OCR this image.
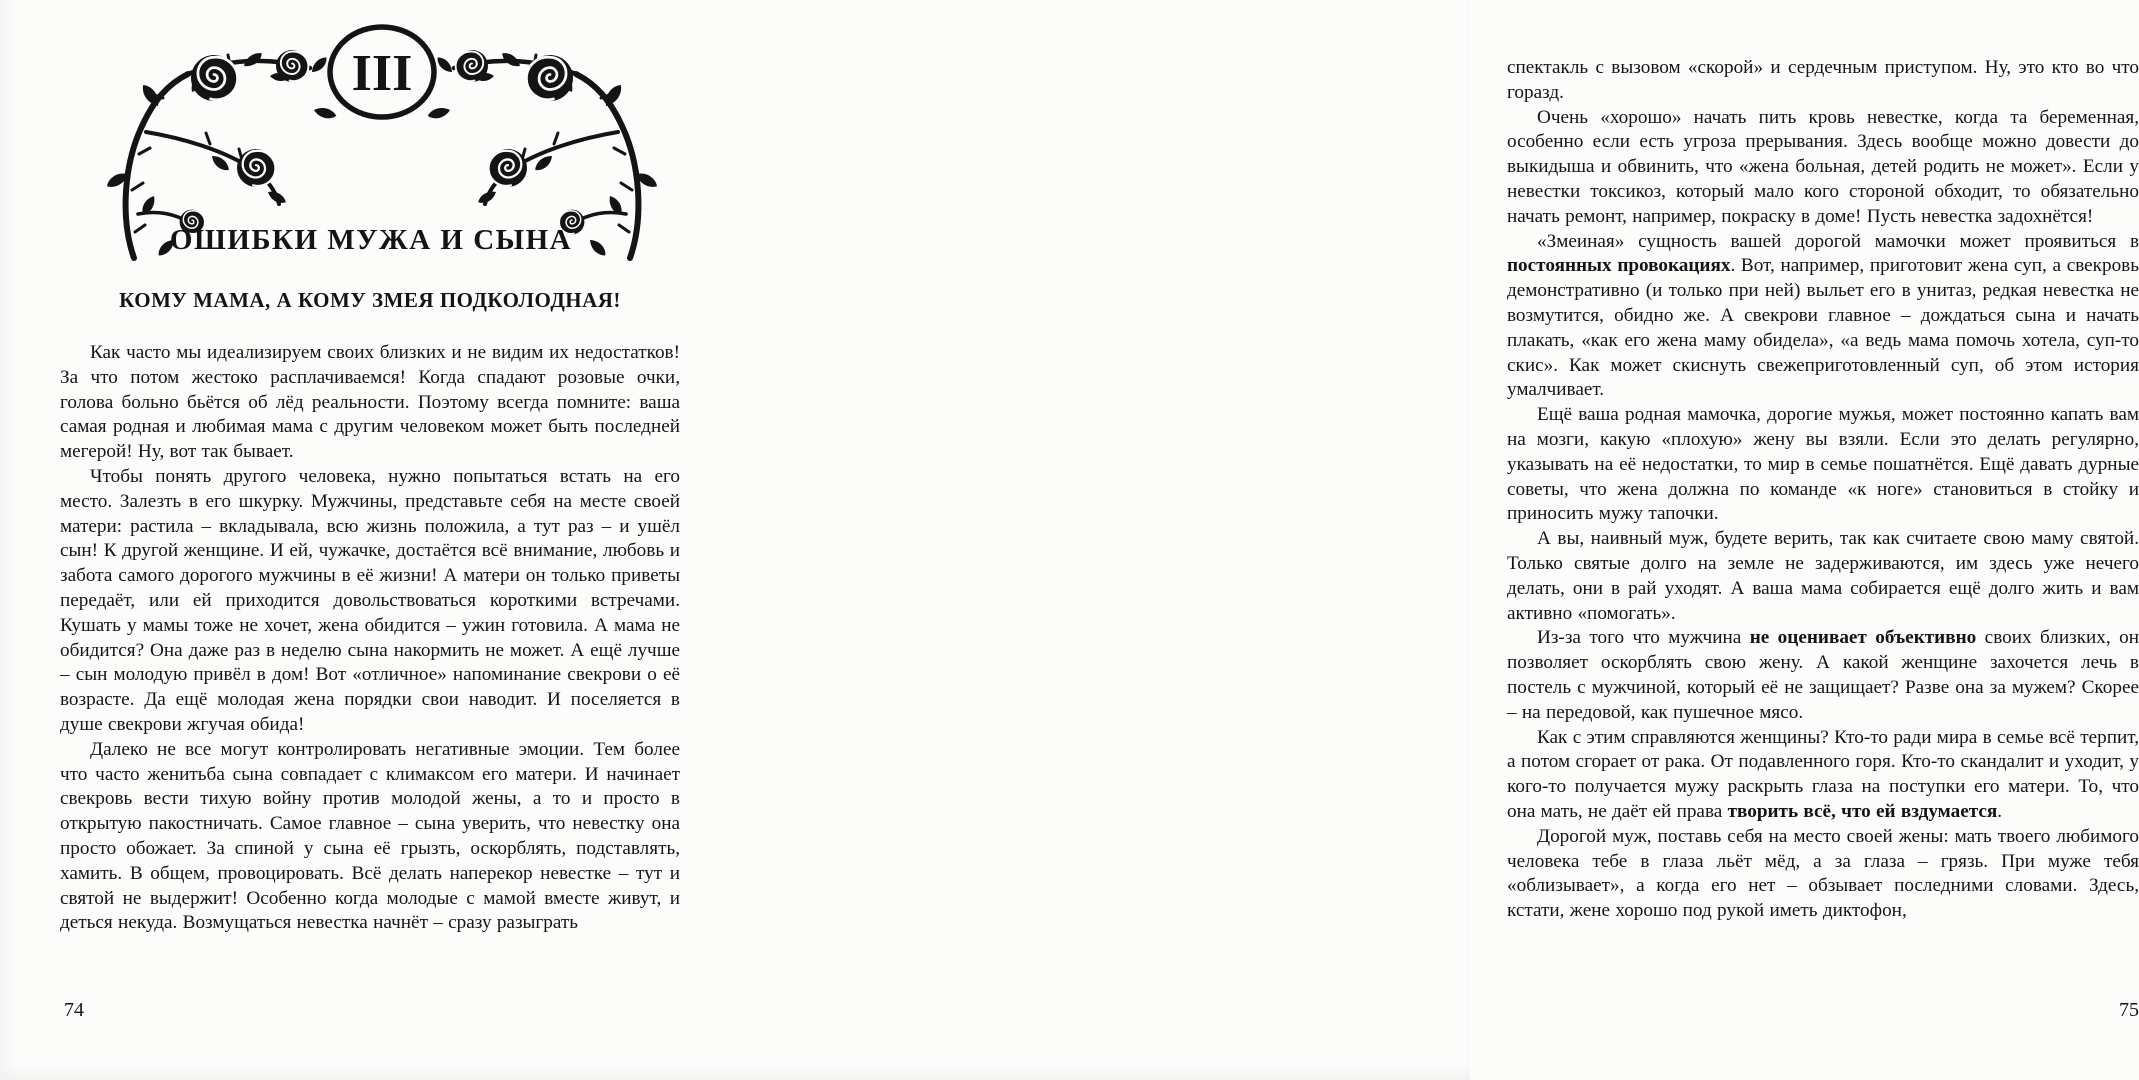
III
ОШИБКИ МУЖА И СЫНА
КОМУ МАМА, А КОМУ ЗМЕЯ ПОДКОЛОДНАЯ!

Как часто мы идеализируем своих близких и не видим их недостатков! За что потом жестоко расплачиваемся! Когда спадают розовые очки, голова больно бьётся об лёд реальности. Поэтому всегда помните: ваша самая родная и любимая мама с другим человеком может быть последней мегерой! Ну, вот так бывает.

Чтобы понять другого человека, нужно попытаться встать на его место. Залезть в его шкурку. Мужчины, представьте себя на месте своей матери: растила – вкладывала, всю жизнь положила, а тут раз – и ушёл сын! К другой женщине. И ей, чужачке, достаётся всё внимание, любовь и забота самого дорогого мужчины в её жизни! А матери он только приветы передаёт, или ей приходится довольствоваться короткими встречами. Кушать у мамы тоже не хочет, жена обидится – ужин готовила. А мама не обидится? Она даже раз в неделю сына накормить не может. А ещё лучше – сын молодую привёл в дом! Вот «отличное» напоминание свекрови о её возрасте. Да ещё молодая жена порядки свои наводит. И поселяется в душе свекрови жгучая обида!

Далеко не все могут контролировать негативные эмоции. Тем более что часто женитьба сына совпадает с климаксом его матери. И начинает свекровь вести тихую войну против молодой жены, а то и просто в открытую пакостничать. Самое главное – сына уверить, что невестку она просто обожает. За спиной у сына её грызть, оскорблять, подставлять, хамить. В общем, провоцировать. Всё делать наперекор невестке – тут и святой не выдержит! Особенно когда молодые с мамой вместе живут, и деться некуда. Возмущаться невестка начнёт – сразу разыграть

74

спектакль с вызовом «скорой» и сердечным приступом. Ну, это кто во что горазд.

Очень «хорошо» начать пить кровь невестке, когда та беременная, особенно если есть угроза прерывания. Здесь вообще можно довести до выкидыша и обвинить, что «жена больная, детей родить не может». Если у невестки токсикоз, который мало кого стороной обходит, то обязательно начать ремонт, например, покраску в доме! Пусть невестка задохнётся!

«Змеиная» сущность вашей дорогой мамочки может проявиться в постоянных провокациях. Вот, например, приготовит жена суп, а свекровь демонстративно (и только при ней) выльет его в унитаз, редкая невестка не возмутится, обидно же. А свекрови главное – дождаться сына и начать плакать, «как его жена маму обидела», «а ведь мама помочь хотела, суп-то скис». Как может скиснуть свежеприготовленный суп, об этом история умалчивает.

Ещё ваша родная мамочка, дорогие мужья, может постоянно капать вам на мозги, какую «плохую» жену вы взяли. Если это делать регулярно, указывать на её недостатки, то мир в семье пошатнётся. Ещё давать дурные советы, что жена должна по команде «к ноге» становиться в стойку и приносить мужу тапочки.

А вы, наивный муж, будете верить, так как считаете свою маму святой. Только святые долго на земле не задерживаются, им здесь уже нечего делать, они в рай уходят. А ваша мама собирается ещё долго жить и вам активно «помогать».

Из-за того что мужчина не оценивает объективно своих близких, он позволяет оскорблять свою жену. А какой женщине захочется лечь в постель с мужчиной, который её не защищает? Разве она за мужем? Скорее – на передовой, как пушечное мясо.

Как с этим справляются женщины? Кто-то ради мира в семье всё терпит, а потом сгорает от рака. От подавленного горя. Кто-то скандалит и уходит, у кого-то получается мужу раскрыть глаза на поступки его матери. То, что она мать, не даёт ей права творить всё, что ей вздумается.

Дорогой муж, поставь себя на место своей жены: мать твоего любимого человека тебе в глаза льёт мёд, а за глаза – грязь. При муже тебя «облизывает», а когда его нет – обзывает последними словами. Здесь, кстати, жене хорошо под рукой иметь диктофон,

75
